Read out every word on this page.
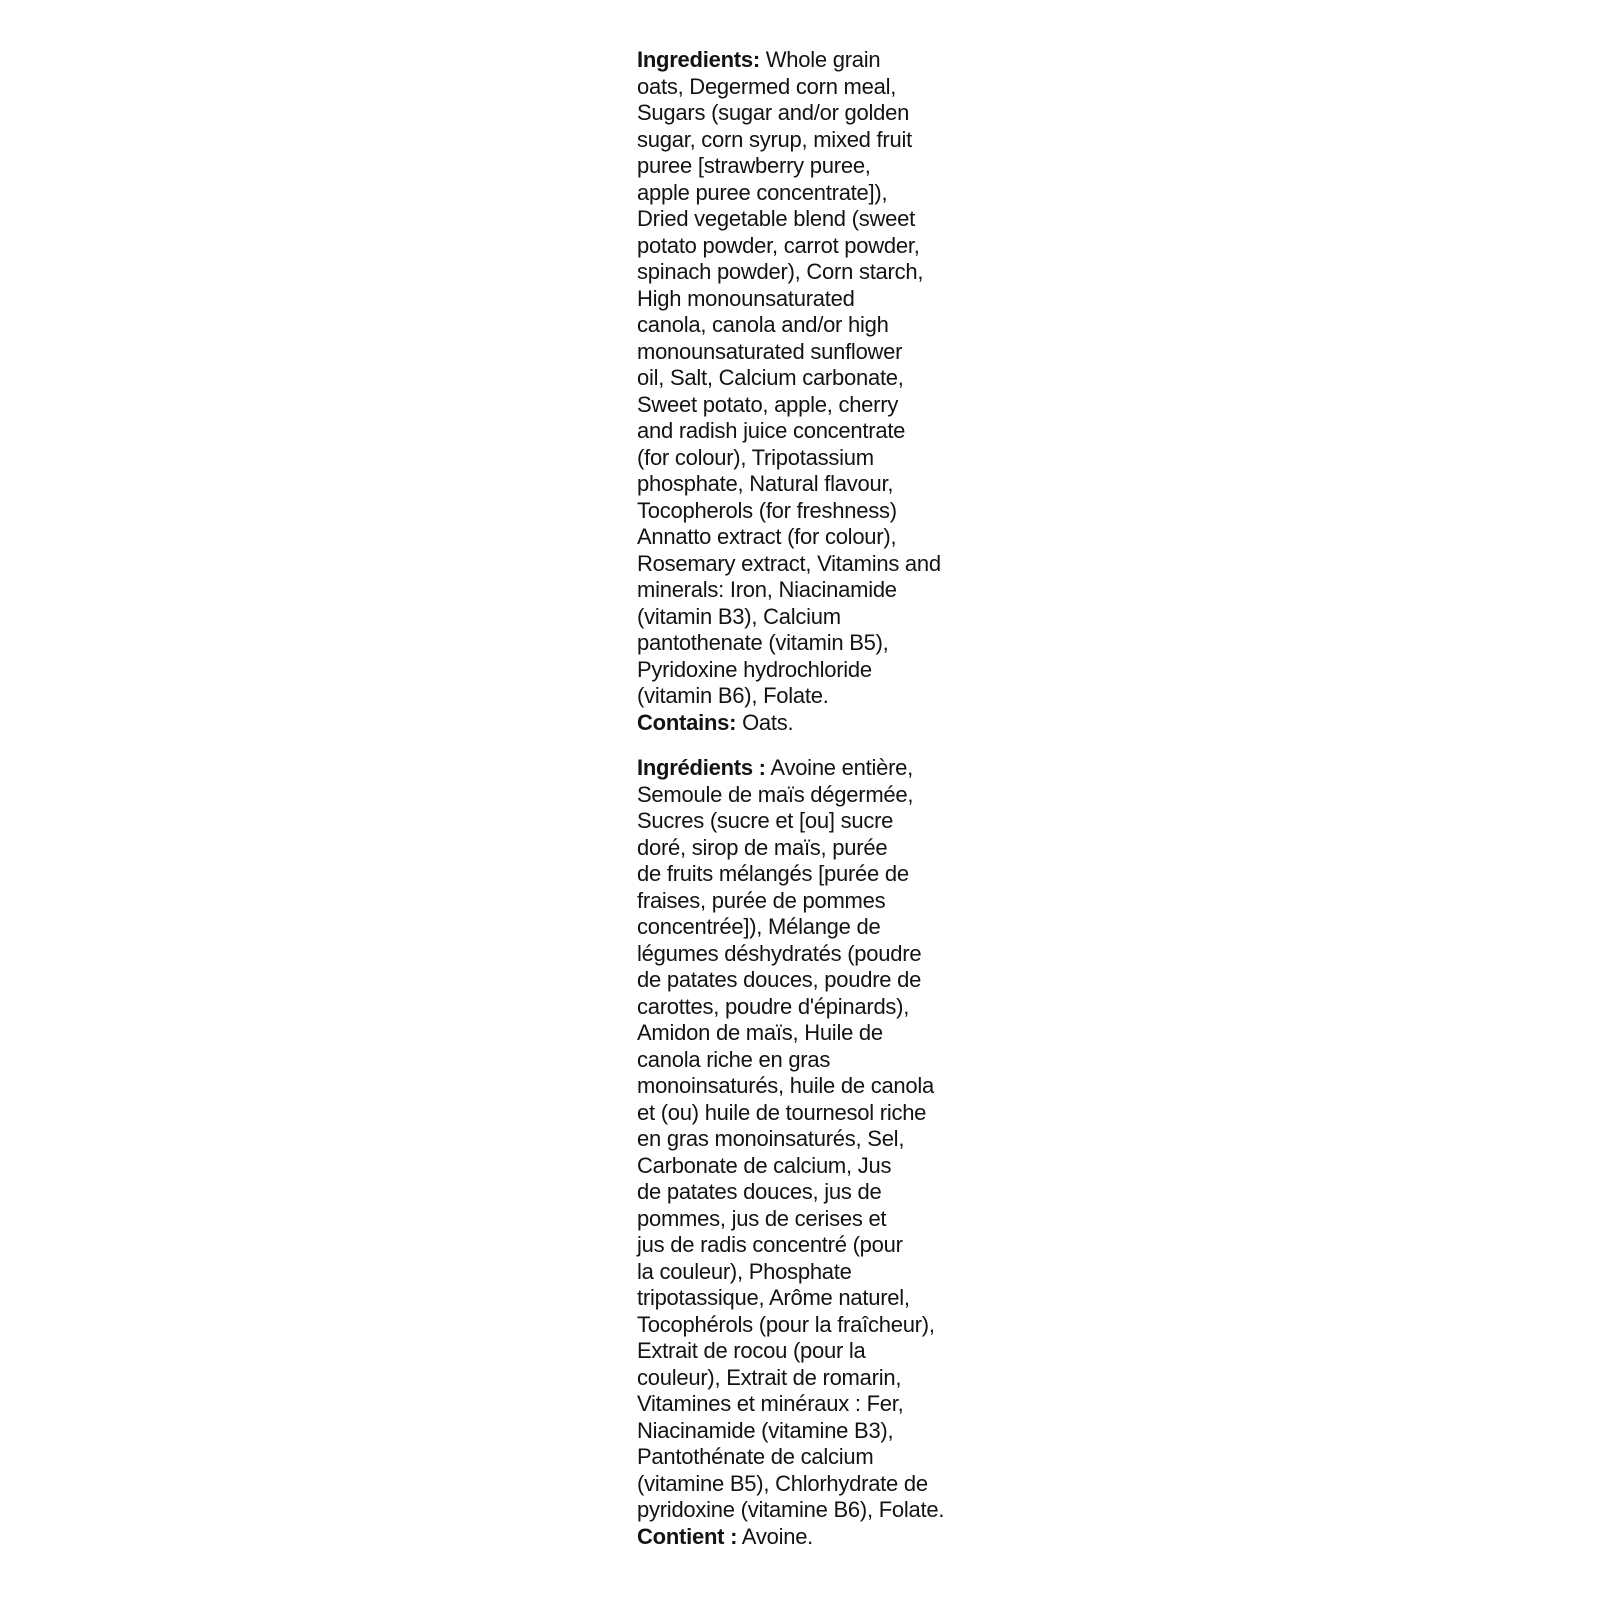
Ingredients: Whole grain
oats, Degermed corn meal,
Sugars (sugar and/or golden
sugar, corn syrup, mixed fruit
puree [strawberry puree,
apple puree concentrate]),
Dried vegetable blend (sweet
potato powder, carrot powder,
spinach powder), Corn starch,
High monounsaturated
canola, canola and/or high
monounsaturated sunflower
oil, Salt, Calcium carbonate,
Sweet potato, apple, cherry
and radish juice concentrate
(for colour), Tripotassium
phosphate, Natural flavour,
Tocopherols (for freshness)
Annatto extract (for colour),
Rosemary extract, Vitamins and
minerals: Iron, Niacinamide
(vitamin B3), Calcium
pantothenate (vitamin B5),
Pyridoxine hydrochloride
(vitamin B6), Folate.
Contains: Oats.
Ingrédients : Avoine entière,
Semoule de maïs dégermée,
Sucres (sucre et [ou] sucre
doré, sirop de maïs, purée
de fruits mélangés [purée de
fraises, purée de pommes
concentrée]), Mélange de
légumes déshydratés (poudre
de patates douces, poudre de
carottes, poudre d'épinards),
Amidon de maïs, Huile de
canola riche en gras
monoinsaturés, huile de canola
et (ou) huile de tournesol riche
en gras monoinsaturés, Sel,
Carbonate de calcium, Jus
de patates douces, jus de
pommes, jus de cerises et
jus de radis concentré (pour
la couleur), Phosphate
tripotassique, Arôme naturel,
Tocophérols (pour la fraîcheur),
Extrait de rocou (pour la
couleur), Extrait de romarin,
Vitamines et minéraux : Fer,
Niacinamide (vitamine B3),
Pantothénate de calcium
(vitamine B5), Chlorhydrate de
pyridoxine (vitamine B6), Folate.
Contient : Avoine.
